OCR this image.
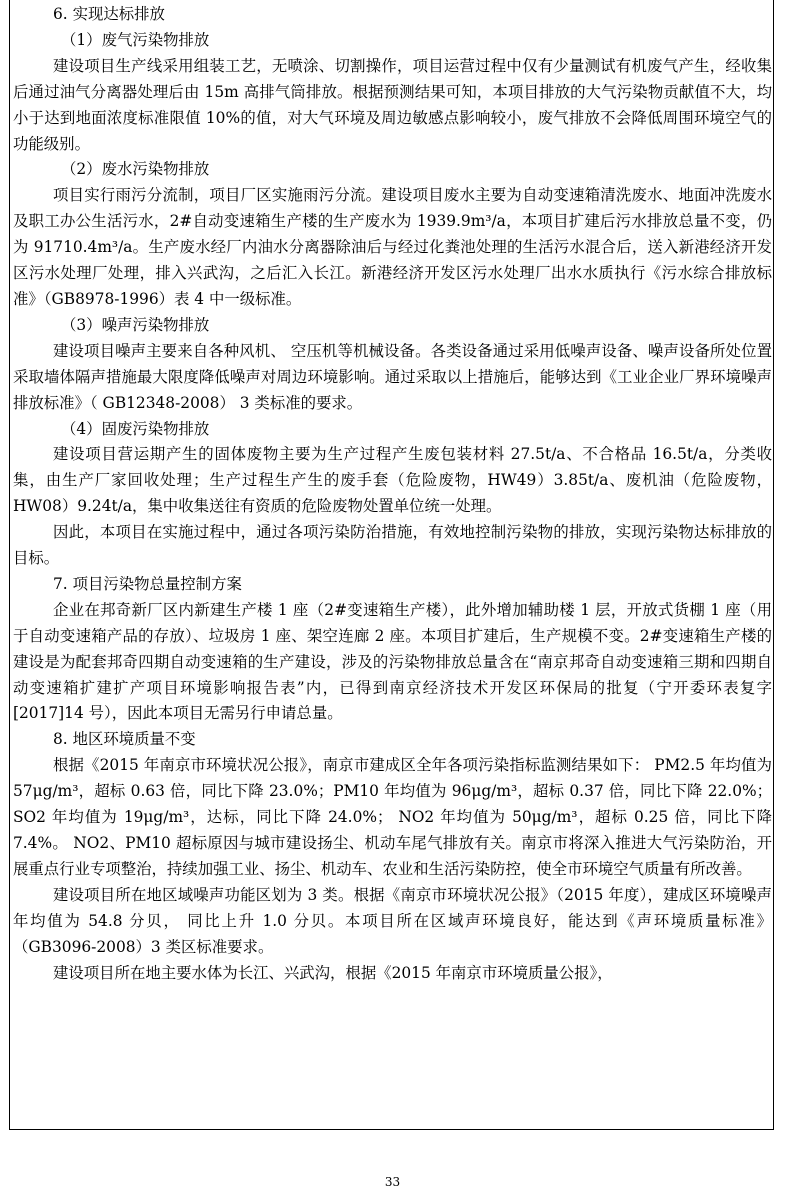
6. 实现达标排放

（1）废气污染物排放

建设项目生产线采用组装工艺，无喷涂、切割操作，项目运营过程中仅有少量测试有机废气产生，经收集后通过油气分离器处理后由 15m 高排气筒排放。根据预测结果可知，本项目排放的大气污染物贡献值不大，均小于达到地面浓度标准限值 10%的值，对大气环境及周边敏感点影响较小，废气排放不会降低周围环境空气的功能级别。

（2）废水污染物排放

项目实行雨污分流制，项目厂区实施雨污分流。建设项目废水主要为自动变速箱清洗废水、地面冲洗废水及职工办公生活污水，2#自动变速箱生产楼的生产废水为 1939.9m³/a，本项目扩建后污水排放总量不变，仍为 91710.4m³/a。生产废水经厂内油水分离器除油后与经过化粪池处理的生活污水混合后，送入新港经济开发区污水处理厂处理，排入兴武沟，之后汇入长江。新港经济开发区污水处理厂出水水质执行《污水综合排放标准》（GB8978-1996）表 4 中一级标准。

（3）噪声污染物排放

建设项目噪声主要来自各种风机、 空压机等机械设备。各类设备通过采用低噪声设备、噪声设备所处位置采取墙体隔声措施最大限度降低噪声对周边环境影响。通过采取以上措施后，能够达到《工业企业厂界环境噪声排放标准》（ GB12348-2008） 3 类标准的要求。

（4）固废污染物排放

建设项目营运期产生的固体废物主要为生产过程产生废包装材料 27.5t/a、不合格品 16.5t/a，分类收集，由生产厂家回收处理；生产过程生产生的废手套（危险废物，HW49）3.85t/a、废机油（危险废物，HW08）9.24t/a，集中收集送往有资质的危险废物处置单位统一处理。

因此，本项目在实施过程中，通过各项污染防治措施，有效地控制污染物的排放，实现污染物达标排放的目标。

7. 项目污染物总量控制方案

企业在邦奇新厂区内新建生产楼 1 座（2#变速箱生产楼），此外增加辅助楼 1 层，开放式货棚 1 座（用于自动变速箱产品的存放）、垃圾房 1 座、架空连廊 2 座。本项目扩建后，生产规模不变。2#变速箱生产楼的建设是为配套邦奇四期自动变速箱的生产建设，涉及的污染物排放总量含在“南京邦奇自动变速箱三期和四期自动变速箱扩建扩产项目环境影响报告表”内，已得到南京经济技术开发区环保局的批复（宁开委环表复字[2017]14 号），因此本项目无需另行申请总量。

8. 地区环境质量不变

根据《2015 年南京市环境状况公报》，南京市建成区全年各项污染指标监测结果如下： PM2.5 年均值为 57μg/m³，超标 0.63 倍，同比下降 23.0%；PM10 年均值为 96μg/m³，超标 0.37 倍，同比下降 22.0%； SO2 年均值为 19μg/m³，达标，同比下降 24.0%； NO2 年均值为 50μg/m³，超标 0.25 倍，同比下降 7.4%。 NO2、PM10 超标原因与城市建设扬尘、机动车尾气排放有关。南京市将深入推进大气污染防治，开展重点行业专项整治，持续加强工业、扬尘、机动车、农业和生活污染防控，使全市环境空气质量有所改善。

建设项目所在地区域噪声功能区划为 3 类。根据《南京市环境状况公报》（2015 年度），建成区环境噪声年均值为 54.8 分贝， 同比上升 1.0 分贝。本项目所在区域声环境良好，能达到《声环境质量标准》（GB3096-2008）3 类区标准要求。

建设项目所在地主要水体为长江、兴武沟，根据《2015 年南京市环境质量公报》，

33
